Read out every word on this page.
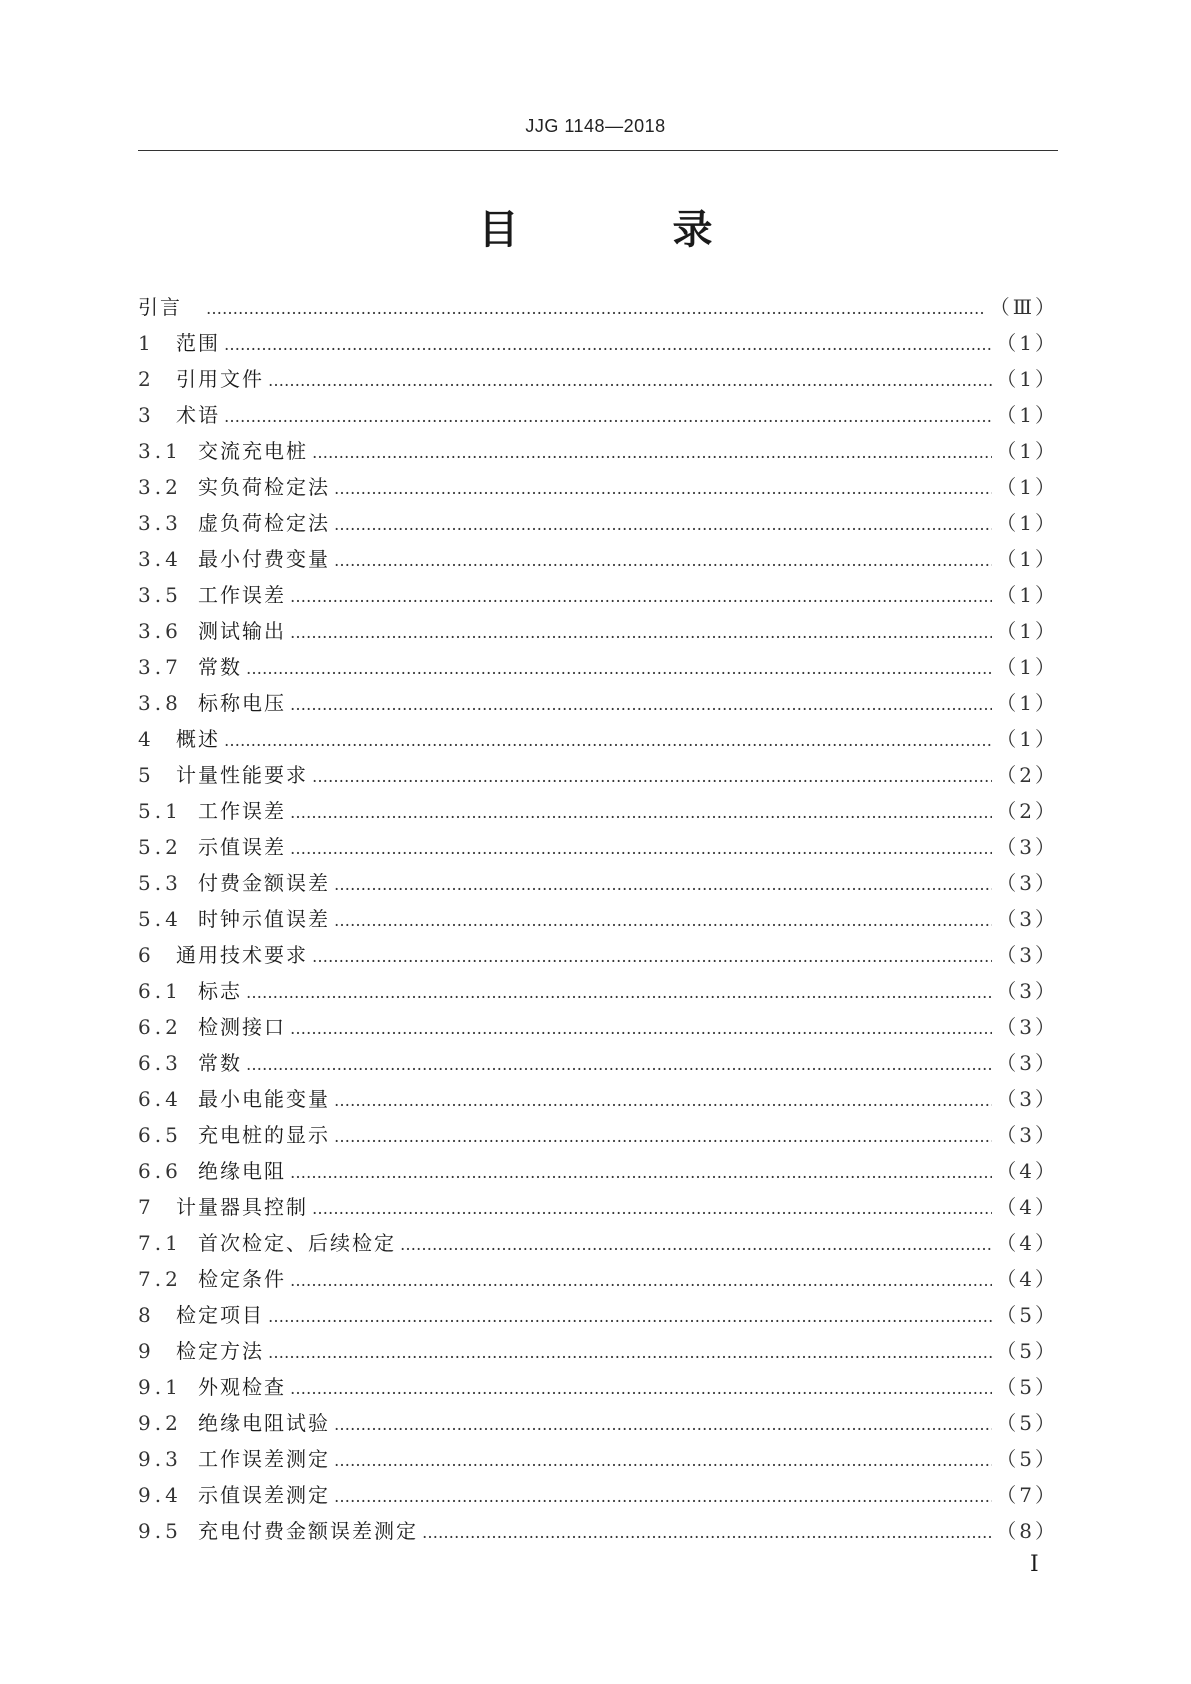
JJG 1148—2018
目 录
引言 …………………………………………………………………………………………………………………………………………………………………………………………………………………………	（Ⅲ）
1	范围 …………………………………………………………………………………………………………………………………………………………………………………………………………………………	（1）
2	引用文件 …………………………………………………………………………………………………………………………………………………………………………………………………………………………	（1）
3	术语 …………………………………………………………………………………………………………………………………………………………………………………………………………………………	（1）
3.1 交流充电桩 …………………………………………………………………………………………………………………………………………………………………………………………………………………………	（1）
3.2 实负荷检定法 …………………………………………………………………………………………………………………………………………………………………………………………………………………………	（1）
3.3 虚负荷检定法 …………………………………………………………………………………………………………………………………………………………………………………………………………………………	（1）
3.4 最小付费变量 …………………………………………………………………………………………………………………………………………………………………………………………………………………………	（1）
3.5 工作误差 …………………………………………………………………………………………………………………………………………………………………………………………………………………………	（1）
3.6 测试输出 …………………………………………………………………………………………………………………………………………………………………………………………………………………………	（1）
3.7 常数 …………………………………………………………………………………………………………………………………………………………………………………………………………………………	（1）
3.8 标称电压 …………………………………………………………………………………………………………………………………………………………………………………………………………………………	（1）
4	概述 …………………………………………………………………………………………………………………………………………………………………………………………………………………………	（1）
5	计量性能要求 …………………………………………………………………………………………………………………………………………………………………………………………………………………………	（2）
5.1 工作误差 …………………………………………………………………………………………………………………………………………………………………………………………………………………………	（2）
5.2 示值误差 …………………………………………………………………………………………………………………………………………………………………………………………………………………………	（3）
5.3 付费金额误差 …………………………………………………………………………………………………………………………………………………………………………………………………………………………	（3）
5.4 时钟示值误差 …………………………………………………………………………………………………………………………………………………………………………………………………………………………	（3）
6	通用技术要求 …………………………………………………………………………………………………………………………………………………………………………………………………………………………	（3）
6.1 标志 …………………………………………………………………………………………………………………………………………………………………………………………………………………………	（3）
6.2 检测接口 …………………………………………………………………………………………………………………………………………………………………………………………………………………………	（3）
6.3 常数 …………………………………………………………………………………………………………………………………………………………………………………………………………………………	（3）
6.4 最小电能变量 …………………………………………………………………………………………………………………………………………………………………………………………………………………………	（3）
6.5 充电桩的显示 …………………………………………………………………………………………………………………………………………………………………………………………………………………………	（3）
6.6 绝缘电阻 …………………………………………………………………………………………………………………………………………………………………………………………………………………………	（4）
7	计量器具控制 …………………………………………………………………………………………………………………………………………………………………………………………………………………………	（4）
7.1 首次检定、后续检定 …………………………………………………………………………………………………………………………………………………………………………………………………………………………	（4）
7.2 检定条件 …………………………………………………………………………………………………………………………………………………………………………………………………………………………	（4）
8	检定项目 …………………………………………………………………………………………………………………………………………………………………………………………………………………………	（5）
9	检定方法 …………………………………………………………………………………………………………………………………………………………………………………………………………………………	（5）
9.1 外观检查 …………………………………………………………………………………………………………………………………………………………………………………………………………………………	（5）
9.2 绝缘电阻试验 …………………………………………………………………………………………………………………………………………………………………………………………………………………………	（5）
9.3 工作误差测定 …………………………………………………………………………………………………………………………………………………………………………………………………………………………	（5）
9.4 示值误差测定 …………………………………………………………………………………………………………………………………………………………………………………………………………………………	（7）
9.5 充电付费金额误差测定 …………………………………………………………………………………………………………………………………………………………………………………………………………………………	（8）
I
